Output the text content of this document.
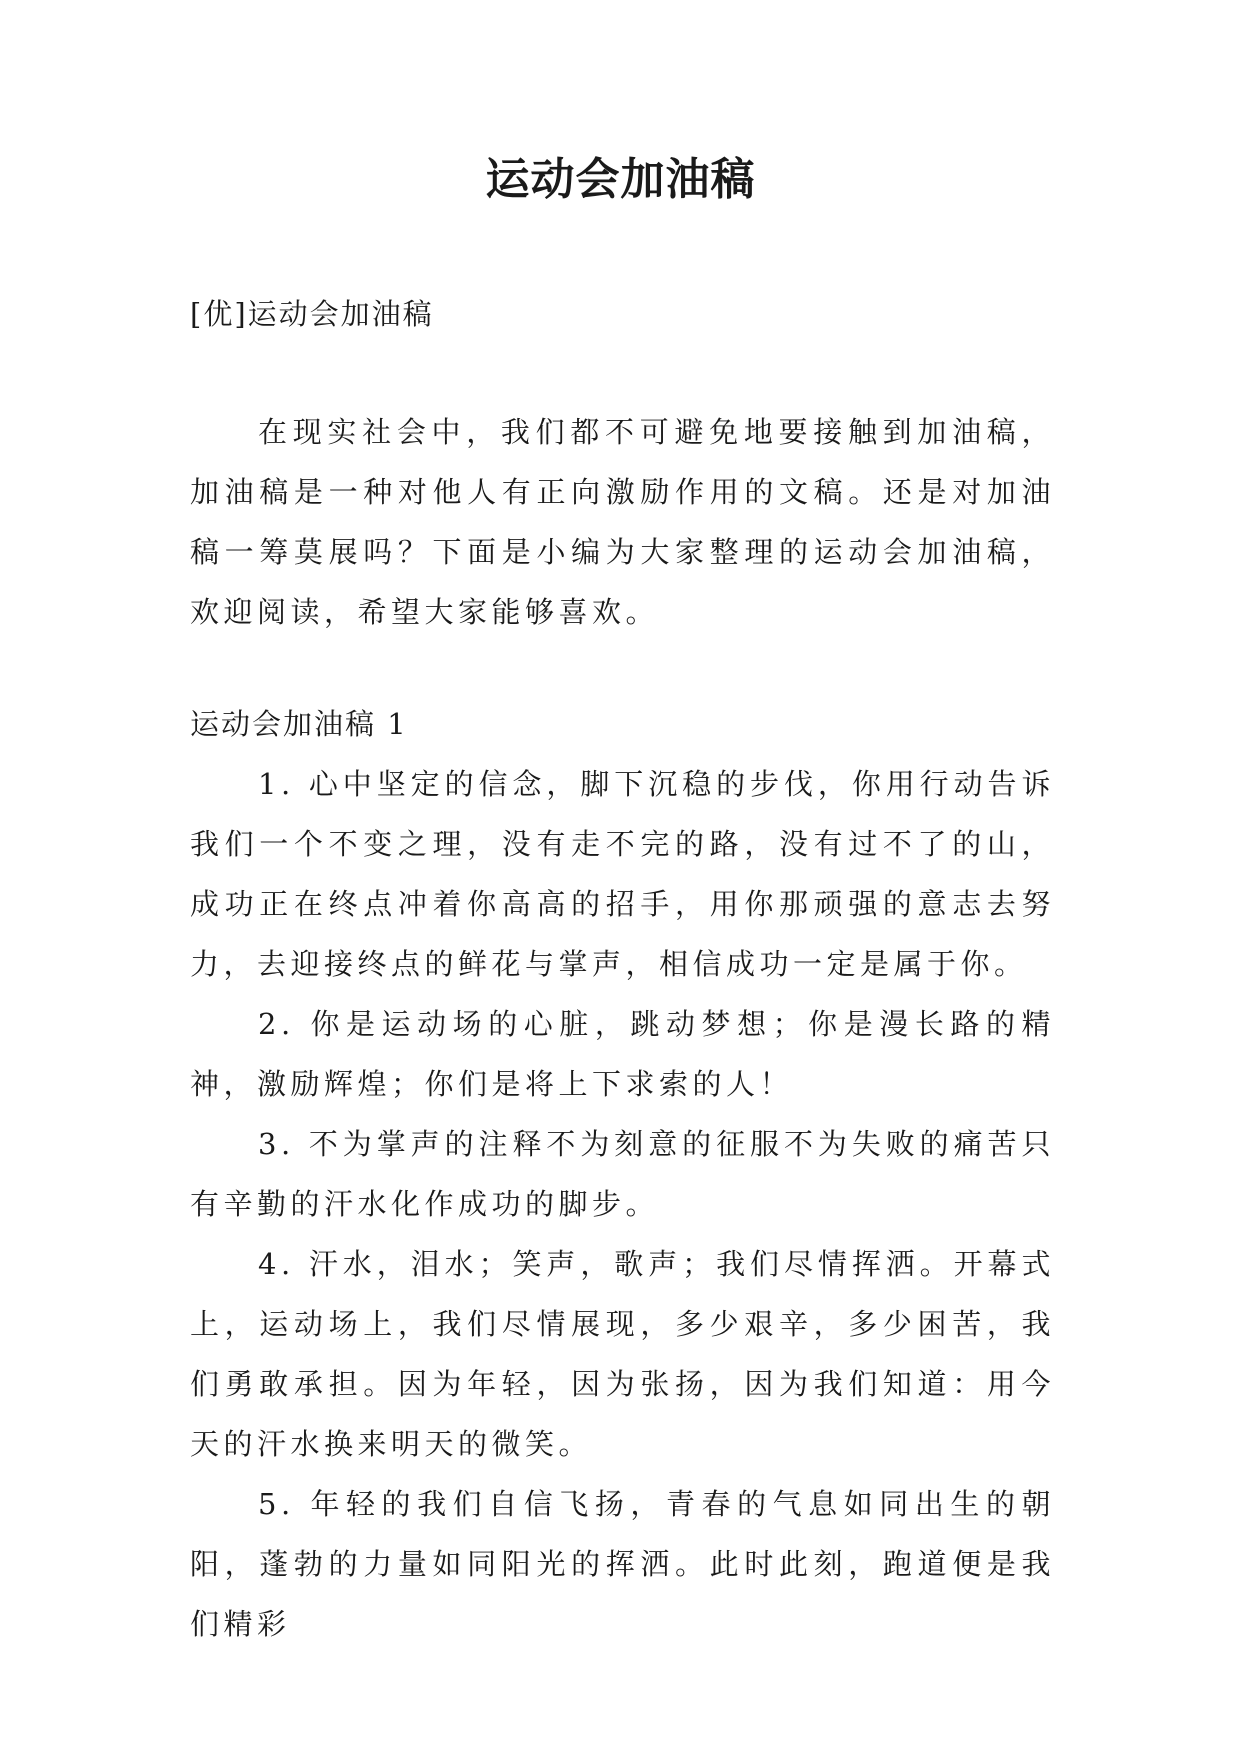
运动会加油稿
[优]运动会加油稿
在现实社会中，我们都不可避免地要接触到加油稿，加油稿是一种对他人有正向激励作用的文稿。还是对加油稿一筹莫展吗？下面是小编为大家整理的运动会加油稿，欢迎阅读，希望大家能够喜欢。
运动会加油稿 1

1. 心中坚定的信念，脚下沉稳的步伐，你用行动告诉我们一个不变之理，没有走不完的路，没有过不了的山，成功正在终点冲着你高高的招手，用你那顽强的意志去努力，去迎接终点的鲜花与掌声，相信成功一定是属于你。

2. 你是运动场的心脏，跳动梦想；你是漫长路的精神，激励辉煌；你们是将上下求索的人！

3. 不为掌声的注释不为刻意的征服不为失败的痛苦只有辛勤的汗水化作成功的脚步。

4. 汗水，泪水；笑声，歌声；我们尽情挥洒。开幕式上，运动场上，我们尽情展现，多少艰辛，多少困苦，我们勇敢承担。因为年轻，因为张扬，因为我们知道：用今天的汗水换来明天的微笑。

5. 年轻的我们自信飞扬，青春的气息如同出生的朝阳，蓬勃的力量如同阳光的挥洒。此时此刻，跑道便是我们精彩
